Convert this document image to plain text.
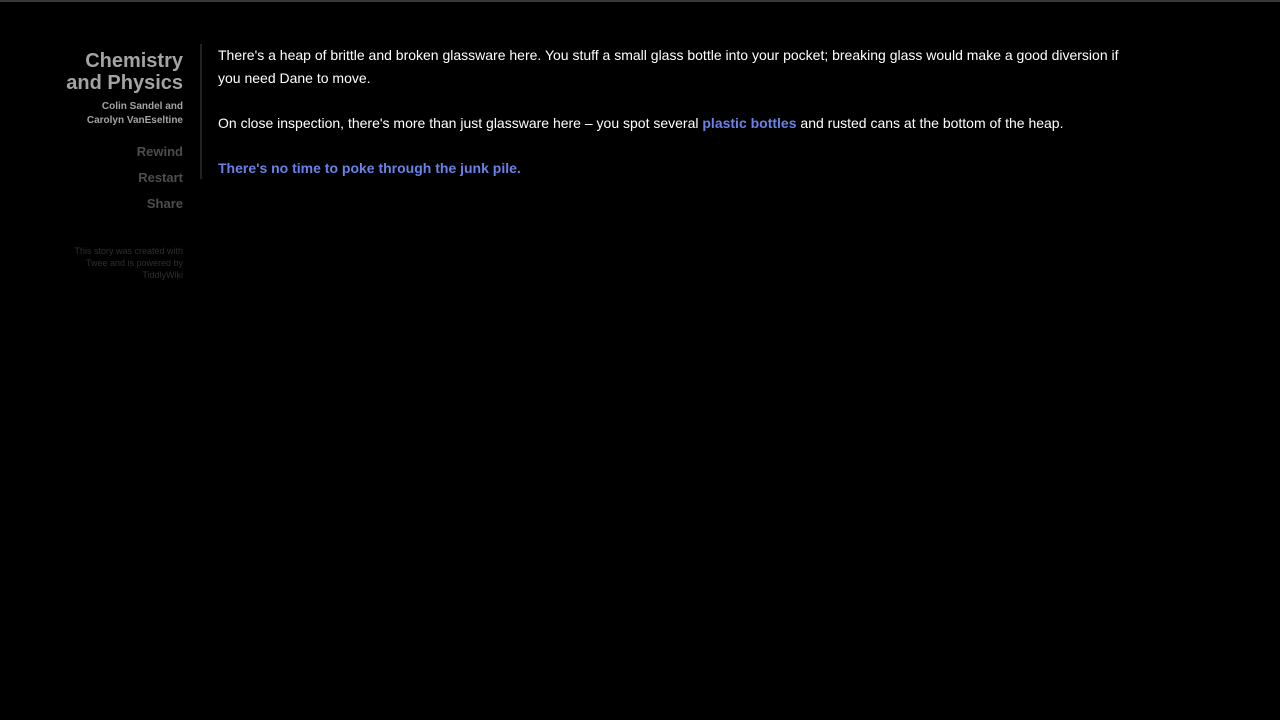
Chemistry
and Physics
Colin Sandel and
Carolyn VanEseltine
Rewind
Restart
Share
This story was created with
Twee and is powered by
TiddlyWiki

There's a heap of brittle and broken glassware here. You stuff a small glass bottle into your pocket; breaking glass would make a good diversion if you need Dane to move.

On close inspection, there's more than just glassware here – you spot several plastic bottles and rusted cans at the bottom of the heap.

There's no time to poke through the junk pile.
